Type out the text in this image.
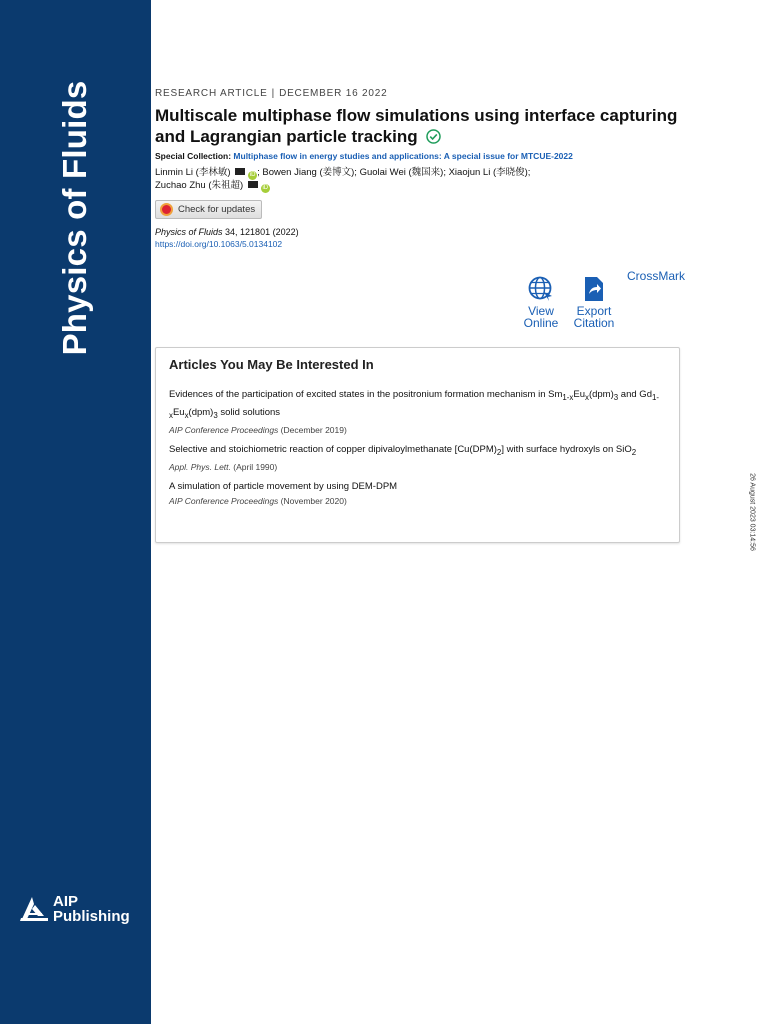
Physics of Fluids
AIP
Publishing
RESEARCH ARTICLE | DECEMBER 16 2022
Multiscale multiphase flow simulations using interface capturing and Lagrangian particle tracking
Special Collection: Multiphase flow in energy studies and applications: A special issue for MTCUE-2022
Linmin Li (李林敏)	iD ; Bowen Jiang (姜博文); Guolai Wei (魏国来); Xiaojun Li (李晓俊);
Zuchao Zhu (朱祖超)	iD
Check for updates
Physics of Fluids 34, 121801 (2022)
https://doi.org/10.1063/5.0134102
View
Online
Export
Citation
CrossMark
Articles You May Be Interested In
Evidences of the participation of excited states in the positronium formation mechanism in $Sm_{1-x}Eu_x(dpm)_3$ and $Gd_{1-x}Eu_x(dpm)_3$ solid solutions
AIP Conference Proceedings (December 2019)
Selective and stoichiometric reaction of copper dipivaloylmethanate $[Cu(DPM)_2]$ with surface hydroxyls on SiO$_2$
Appl. Phys. Lett. (April 1990)
A simulation of particle movement by using DEM-DPM
AIP Conference Proceedings (November 2020)	26 August 2023 03:14:56
